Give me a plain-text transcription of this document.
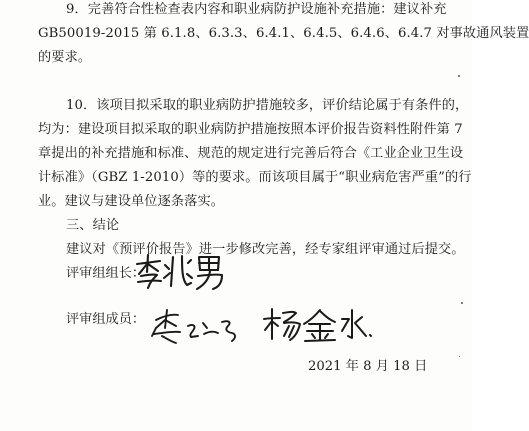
9．完善符合性检查表内容和职业病防护设施补充措施：建议补充
GB50019-2015 第 6.1.8、6.3.3、6.4.1、6.4.5、6.4.6、6.4.7 对事故通风装置
的要求。
10．该项目拟采取的职业病防护措施较多，评价结论属于有条件的，
均为：建设项目拟采取的职业病防护措施按照本评价报告资料性附件第 7
章提出的补充措施和标准、规范的规定进行完善后符合《工业企业卫生设
计标准》（GBZ 1-2010）等的要求。而该项目属于“职业病危害严重”的行
业。建议与建设单位逐条落实。
三、结论
建议对《预评价报告》进一步修改完善，经专家组评审通过后提交。
评审组组长：
评审组成员：
2021 年 8 月 18 日
